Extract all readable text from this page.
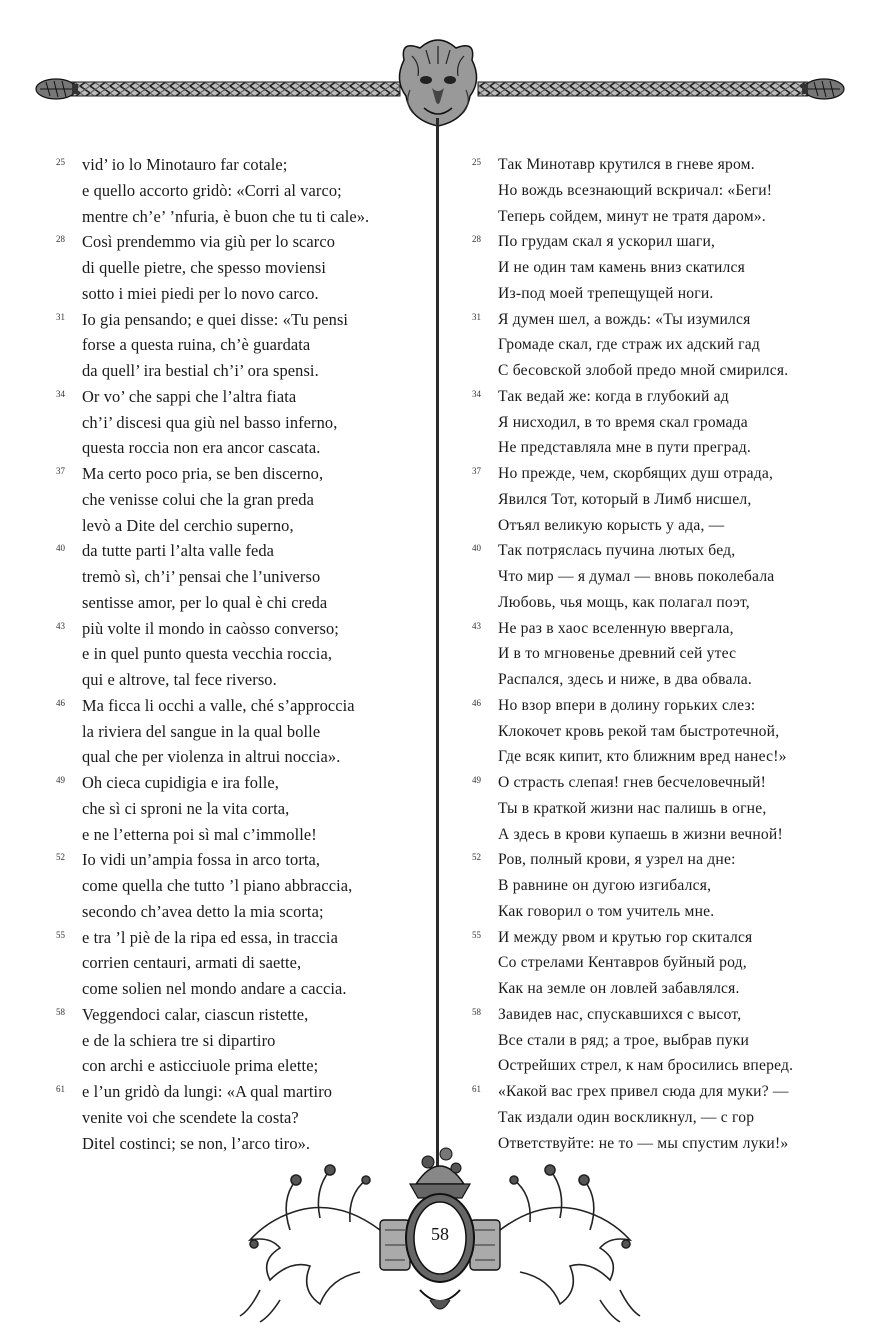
25	vid’ io lo Minotauro far cotale;
e quello accorto gridò: «Corri al varco;
mentre ch’e’ ’nfuria, è buon che tu ti cale».
28	Così prendemmo via giù per lo scarco
di quelle pietre, che spesso moviensi
sotto i miei piedi per lo novo carco.
31	Io gia pensando; e quei disse: «Tu pensi
forse a questa ruina, ch’è guardata
da quell’ ira bestial ch’i’ ora spensi.
34	Or vo’ che sappi che l’altra fiata
ch’i’ discesi qua giù nel basso inferno,
questa roccia non era ancor cascata.
37	Ma certo poco pria, se ben discerno,
che venisse colui che la gran preda
levò a Dite del cerchio superno,
40	da tutte parti l’alta valle feda
tremò sì, ch’i’ pensai che l’universo
sentisse amor, per lo qual è chi creda
43	più volte il mondo in caòsso converso;
e in quel punto questa vecchia roccia,
qui e altrove, tal fece riverso.
46	Ma ficca li occhi a valle, ché s’approccia
la riviera del sangue in la qual bolle
qual che per violenza in altrui noccia».
49	Oh cieca cupidigia e ira folle,
che sì ci sproni ne la vita corta,
e ne l’etterna poi sì mal c’immolle!
52	Io vidi un’ampia fossa in arco torta,
come quella che tutto ’l piano abbraccia,
secondo ch’avea detto la mia scorta;
55	e tra ’l piè de la ripa ed essa, in traccia
corrien centauri, armati di saette,
come solien nel mondo andare a caccia.
58	Veggendoci calar, ciascun ristette,
e de la schiera tre si dipartiro
con archi e asticciuole prima elette;
61	e l’un gridò da lungi: «A qual martiro
venite voi che scendete la costa?
Ditel costinci; se non, l’arco tiro».
25	Так Минотавр крутился в гневе яром.
Но вождь всезнающий вскричал: «Беги!
Теперь сойдем, минут не тратя даром».
28	По грудам скал я ускорил шаги,
И не один там камень вниз скатился
Из-под моей трепещущей ноги.
31	Я думен шел, а вождь: «Ты изумился
Громаде скал, где страж их адский гад
С бесовской злобой предо мной смирился.
34	Так ведай же: когда в глубокий ад
Я нисходил, в то время скал громада
Не представляла мне в пути преград.
37	Но прежде, чем, скорбящих душ отрада,
Явился Тот, который в Лимб нисшел,
Отъял великую корысть у ада, —
40	Так потряслась пучина лютых бед,
Что мир — я думал — вновь поколебала
Любовь, чья мощь, как полагал поэт,
43	Не раз в хаос вселенную ввергала,
И в то мгновенье древний сей утес
Распался, здесь и ниже, в два обвала.
46	Но взор впери в долину горьких слез:
Клокочет кровь рекой там быстротечной,
Где всяк кипит, кто ближним вред нанес!»
49	О страсть слепая! гнев бесчеловечный!
Ты в краткой жизни нас палишь в огне,
А здесь в крови купаешь в жизни вечной!
52	Ров, полный крови, я узрел на дне:
В равнине он дугою изгибался,
Как говорил о том учитель мне.
55	И между рвом и крутью гор скитался
Со стрелами Кентавров буйный род,
Как на земле он ловлей забавлялся.
58	Завидев нас, спускавшихся с высот,
Все стали в ряд; а трое, выбрав пуки
Острейших стрел, к нам бросились вперед.
61	«Какой вас грех привел сюда для муки? —
Так издали один воскликнул, — с гор
Ответствуйте: не то — мы спустим луки!»
58
